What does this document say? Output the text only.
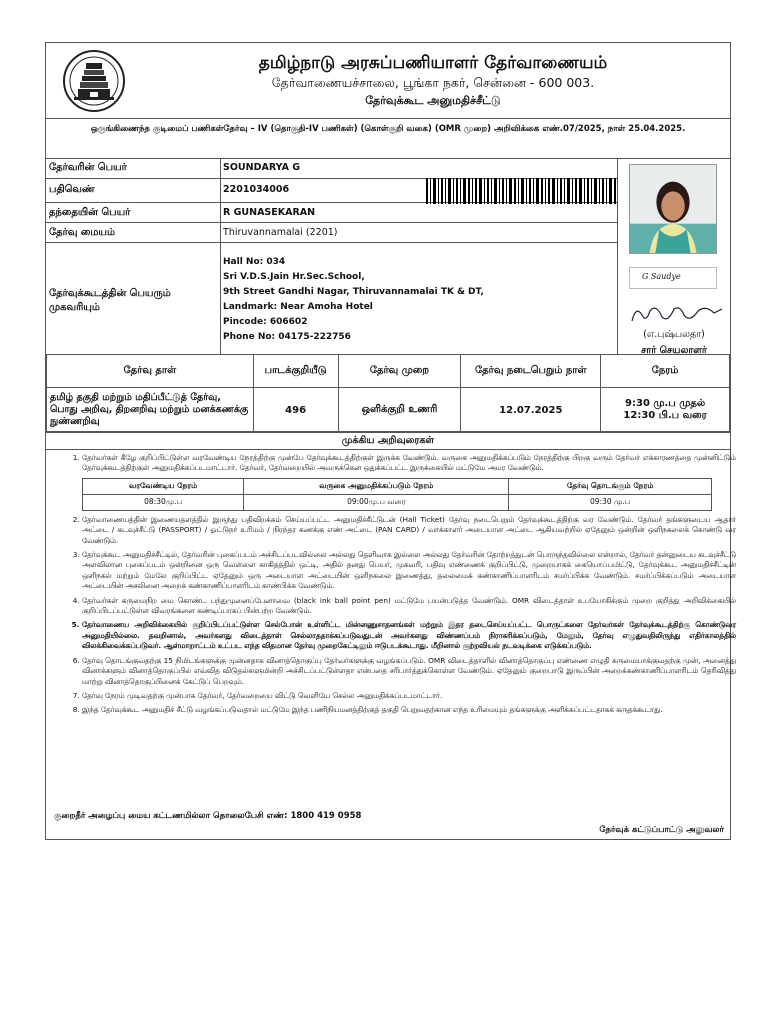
தமிழ்நாடு அரசுப்பணியாளர் தேர்வாணையம்
தேர்வாணையச்சாலை, பூங்கா நகர், சென்னை - 600 003.
தேர்வுக்கூட அனுமதிச்சீட்டு
ஒருங்கிணைந்த குடிமைப் பணிகள்தேர்வு – IV (தொகுதி-IV பணிகள்) (கொள்குறி வகை) (OMR முறை) அறிவிக்கை எண்.07/2025, நாள் 25.04.2025.
தேர்வரின் பெயர்	SOUNDARYA G
பதிவெண்	2201034006
தந்தையின் பெயர்	R GUNASEKARAN
தேர்வு மையம்	Thiruvannamalai (2201)
தேர்வுக்கூடத்தின் பெயரும் முகவரியும்
Hall No: 034
Sri V.D.S.Jain Hr.Sec.School,
9th Street Gandhi Nagar, Thiruvannamalai TK & DT,
Landmark: Near Amoha Hotel
Pincode: 606602
Phone No: 04175-222756
G Saudye
(எ.புஷ்பலதா)
சார் செயலாளர்
தேர்வு தாள்	பாடக்குறியீடு	தேர்வு முறை	தேர்வு நடைபெறும் நாள்	நேரம்
தமிழ் தகுதி மற்றும் மதிப்பீட்டுத் தேர்வு, பொது அறிவு, திறனறிவு மற்றும் மனக்கணக்கு நுண்ணறிவு	496	ஒளிக்குறி உணரி	12.07.2025	9:30 மு.ப முதல்
12:30 பி.ப வரை
முக்கிய அறிவுரைகள்
1. தேர்வர்கள் கீழே குறிப்பிட்டுள்ள வரவேண்டிய நேரத்திற்கு முன்பே தேர்வுக்கூடத்திற்குள் இருக்க வேண்டும். வருகை அனுமதிக்கப்படும் நேரத்திற்கு பிறகு வரும் தேர்வர் எக்காரணத்தை முன்னிட்டும் தேர்வுக்கூடத்திற்குள் அனுமதிக்கப்படமாட்டார். தேர்வர், தேர்வறையில் அவருக்கென ஒதுக்கப்பட்ட இருக்கையில் மட்டுமே அமர வேண்டும்.
வரவேண்டிய நேரம்	வருகை அனுமதிக்கப்படும் நேரம்	தேர்வு தொடங்கும் நேரம்
08:30மு.ப	09:00மு.ப வரை	09:30 மு.ப
2. தேர்வாணையத்தின் இணையதளத்தில் இருந்து பதிவிறக்கம் செய்யப்பட்ட அனுமதிச்சீட்டுடன் (Hall Ticket) தேர்வு நடைபெறும் தேர்வுக்கூடத்திற்கு வர வேண்டும். தேர்வர் தங்களுடைய ஆதார் அட்டை / கடவுச்சீட்டு (PASSPORT) / ஓட்டுநர் உரிமம் / நிரந்தர கணக்கு எண் அட்டை (PAN CARD) / வாக்காளர் அடையாள அட்டை ஆகியவற்றில் ஏதேனும் ஒன்றின் ஒளிநகலைக் கொண்டு வர வேண்டும்.
3. தேர்வுக்கூட அனுமதிச்சீட்டில், தேர்வரின் புகைப்படம் அச்சிடப்படவில்லை அல்லது தெளிவாக இல்லை அல்லது தேர்வரின் தோற்றத்துடன் பொருந்தவில்லை என்றால், தேர்வர் தன்னுடைய கடவுச்சீட்டு அளவிலான புகைப்படம் ஒன்றினை ஒரு வெள்ளை காகிதத்தில் ஒட்டி, அதில் தனது பெயர், முகவரி, பதிவு எண்ணைக் குறிப்பிட்டு, முறையாகக் கையொப்பமிட்டு, தேர்வுக்கூட அனுமதிச்சீட்டின் ஒளிநகல் மற்றும் மேலே குறிப்பிட்ட ஏதேனும் ஒரு அடையாள அட்டையின் ஒளிநகலை இணைத்து, தலைமைக் கண்காணிப்பாளரிடம் சமர்ப்பிக்க வேண்டும். சமர்ப்பிக்கப்படும் அடையாள அட்டையின் அசலினை அறைக் கண்காணிப்பாளரிடம் காண்பிக்க வேண்டும்.
4. தேர்வர்கள் கருமைநிற மை கொண்ட பந்துமுனைப்பேனாவை (black ink ball point pen) மட்டுமே பயன்படுத்த வேண்டும். OMR விடைத்தாள் உபயோகிக்கும் முறை குறித்து அறிவிக்கையில் குறிப்பிடப்பட்டுள்ள விவரங்களை கண்டிப்பாகப் பின்பற்ற வேண்டும்.
5. தேர்வாணைய அறிவிக்கையில் குறிப்பிடப்பட்டுள்ள செல்போன் உள்ளிட்ட மின்னணுசாதனங்கள் மற்றும் இதர தடைசெய்யப்பட்ட பொருட்களை தேர்வர்கள் தேர்வுக்கூடத்திற்கு கொண்டுவர அனுமதியில்லை. தவறினால், அவர்களது விடைத்தாள் செல்லாததாக்கப்படுவதுடன் அவர்களது விண்ணப்பம் நிராகரிக்கப்படும், மேலும், தேர்வு எழுதுவதிலிருந்து எதிர்காலத்தில் விலக்கிவைக்கப்படுவர். ஆள்மாறாட்டம் உட்பட எந்த விதமான தேர்வு முறைகேட்டிலும் ஈடுபடக்கூடாது. மீறினால் குற்றவியல் நடவடிக்கை எடுக்கப்படும்.
6. தேர்வு தொடங்குவதற்கு 15 நிமிடங்களுக்கு முன்னதாக வினாத்தொகுப்பு தேர்வர்களுக்கு வழங்கப்படும். OMR விடைத்தாளில் வினாத்தொகுப்பு எண்ணை எழுதி கருமையாக்குவதற்கு முன், அனைத்து வினாக்களும் வினாத்தொகுப்பில் எவ்வித விடுதல்களுமின்றி அச்சிடப்பட்டுள்ளதா என்பதை சரிபார்த்துக்கொள்ள வேண்டும். ஏதேனும் குறைபாடு இருப்பின் அறைக்கண்காணிப்பாளரிடம் தெரிவித்து மாற்று வினாத்தொகுப்பினைக் கேட்டுப் பெறவும்.
7. தேர்வு நேரம் முடிவதற்கு முன்பாக தேர்வர், தேர்வறையை விட்டு வெளியே செல்ல அனுமதிக்கப்படமாட்டார்.
8. இந்த தேர்வுக்கூட அனுமதிச் சீட்டு வழங்கப்படுவதால் மட்டுமே இந்த பணிநியமனத்திற்குத் தகுதி பெறுவதற்கான எந்த உரிமையும் தங்களுக்கு அளிக்கப்பட்டதாகக் கருதக்கூடாது.
குறைதீர் அழைப்பு மைய கட்டணமில்லா தொலைபேசி எண்: 1800 419 0958
தேர்வுக் கட்டுப்பாட்டு அலுவலர்
